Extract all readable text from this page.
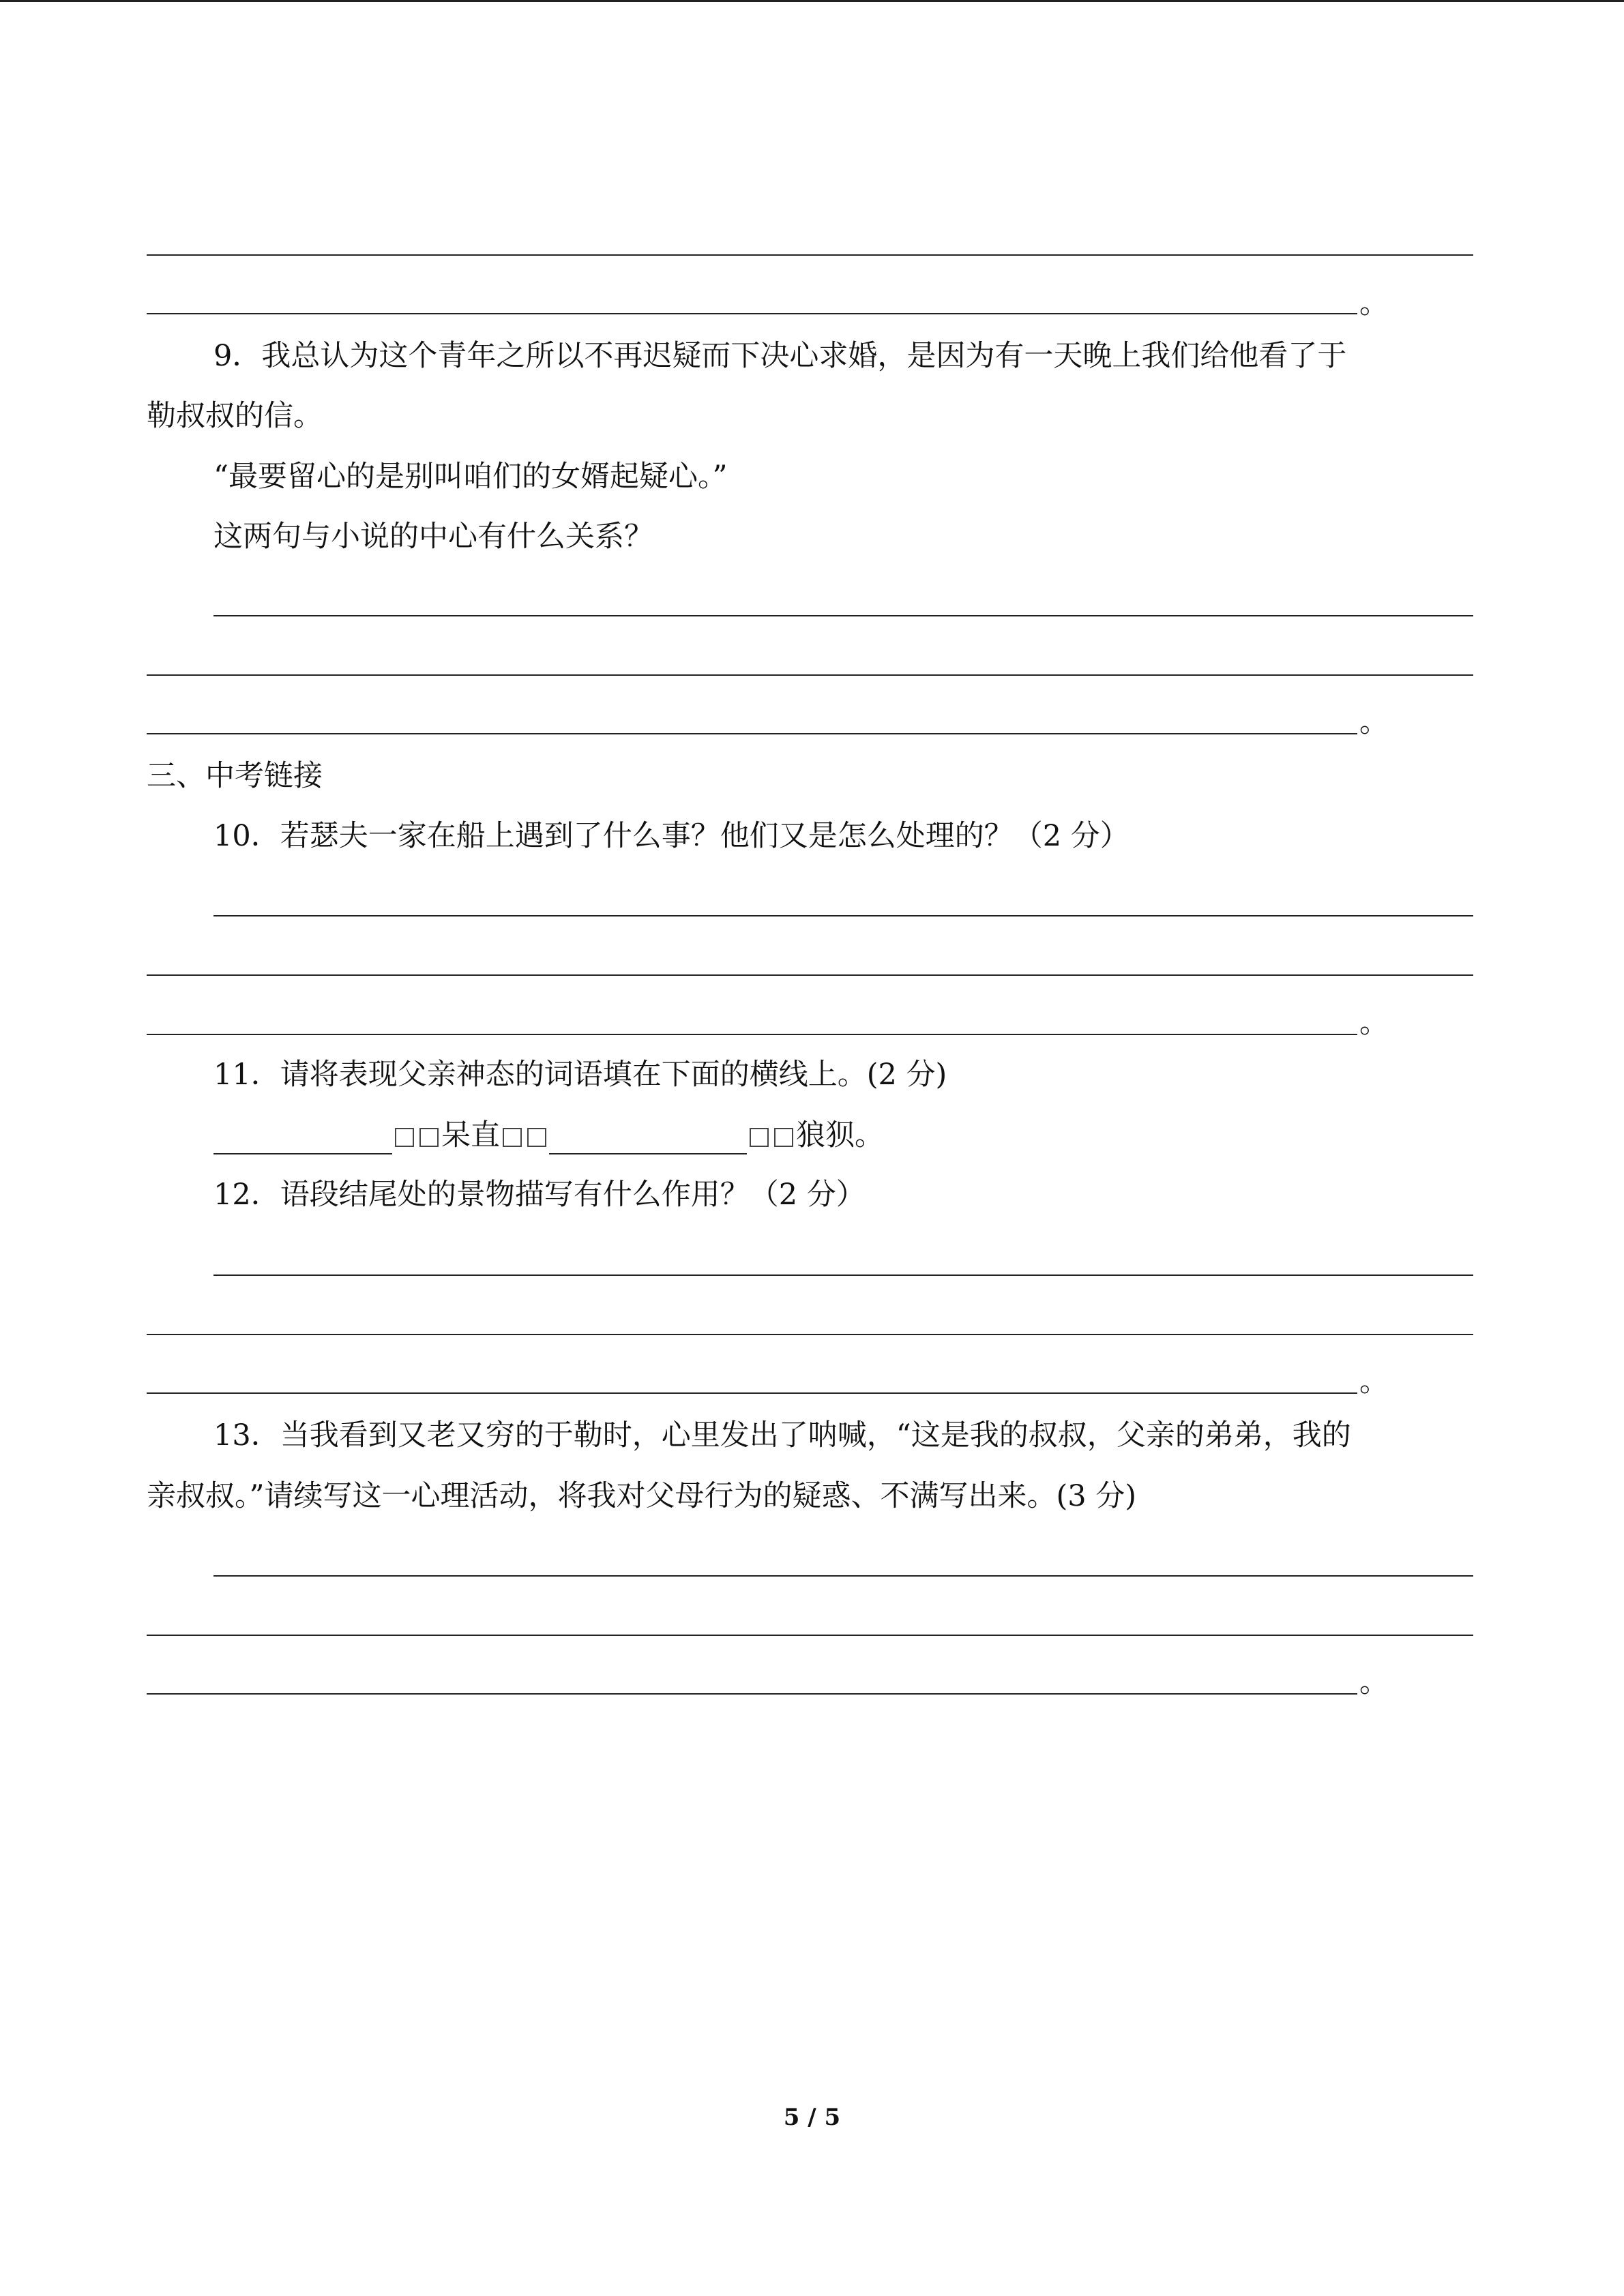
。
9．我总认为这个青年之所以不再迟疑而下决心求婚，是因为有一天晚上我们给他看了于
勒叔叔的信。
“最要留心的是别叫咱们的女婿起疑心。”
这两句与小说的中心有什么关系？
。
三、中考链接
10．若瑟夫一家在船上遇到了什么事？他们又是怎么处理的？（2 分）
。
11．请将表现父亲神态的词语填在下面的横线上。(2 分)
呆直	狼狈。
12．语段结尾处的景物描写有什么作用？（2 分）
。
13．当我看到又老又穷的于勒时，心里发出了呐喊，“这是我的叔叔，父亲的弟弟，我的
亲叔叔。”请续写这一心理活动，将我对父母行为的疑惑、不满写出来。(3 分)
。
5 / 5
